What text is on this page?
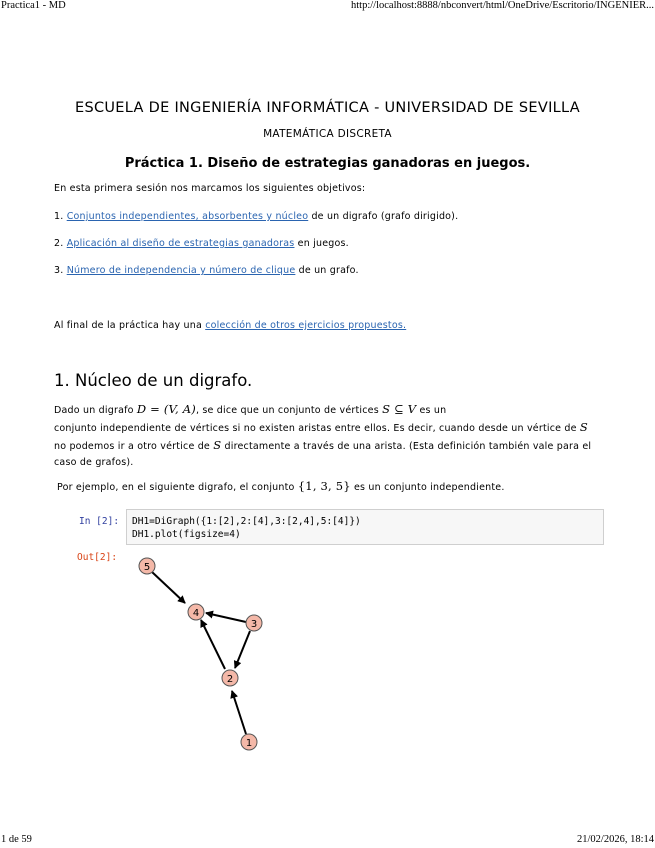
Practica1 - MD	http://localhost:8888/nbconvert/html/OneDrive/Escritorio/INGENIER...
ESCUELA DE INGENIERÍA INFORMÁTICA - UNIVERSIDAD DE SEVILLA
MATEMÁTICA DISCRETA
Práctica 1. Diseño de estrategias ganadoras en juegos.
En esta primera sesión nos marcamos los siguientes objetivos:
1. Conjuntos independientes, absorbentes y núcleo de un digrafo (grafo dirigido).
2. Aplicación al diseño de estrategias ganadoras en juegos.
3. Número de independencia y número de clique de un grafo.
Al final de la práctica hay una colección de otros ejercicios propuestos.
1. Núcleo de un digrafo.
Dado un digrafo D = (V, A), se dice que un conjunto de vértices S ⊆ V es un
conjunto independiente de vértices si no existen aristas entre ellos. Es decir, cuando desde un vértice de S
no podemos ir a otro vértice de S directamente a través de una arista. (Esta definición también vale para el
caso de grafos).
Por ejemplo, en el siguiente digrafo, el conjunto {1, 3, 5} es un conjunto independiente.
In [2]: DH1=DiGraph({1:[2],2:[4],3:[2,4],5:[4]})
DH1.plot(figsize=4)
Out[2]:
5
4
3
2
1
1 de 59	21/02/2026, 18:14
